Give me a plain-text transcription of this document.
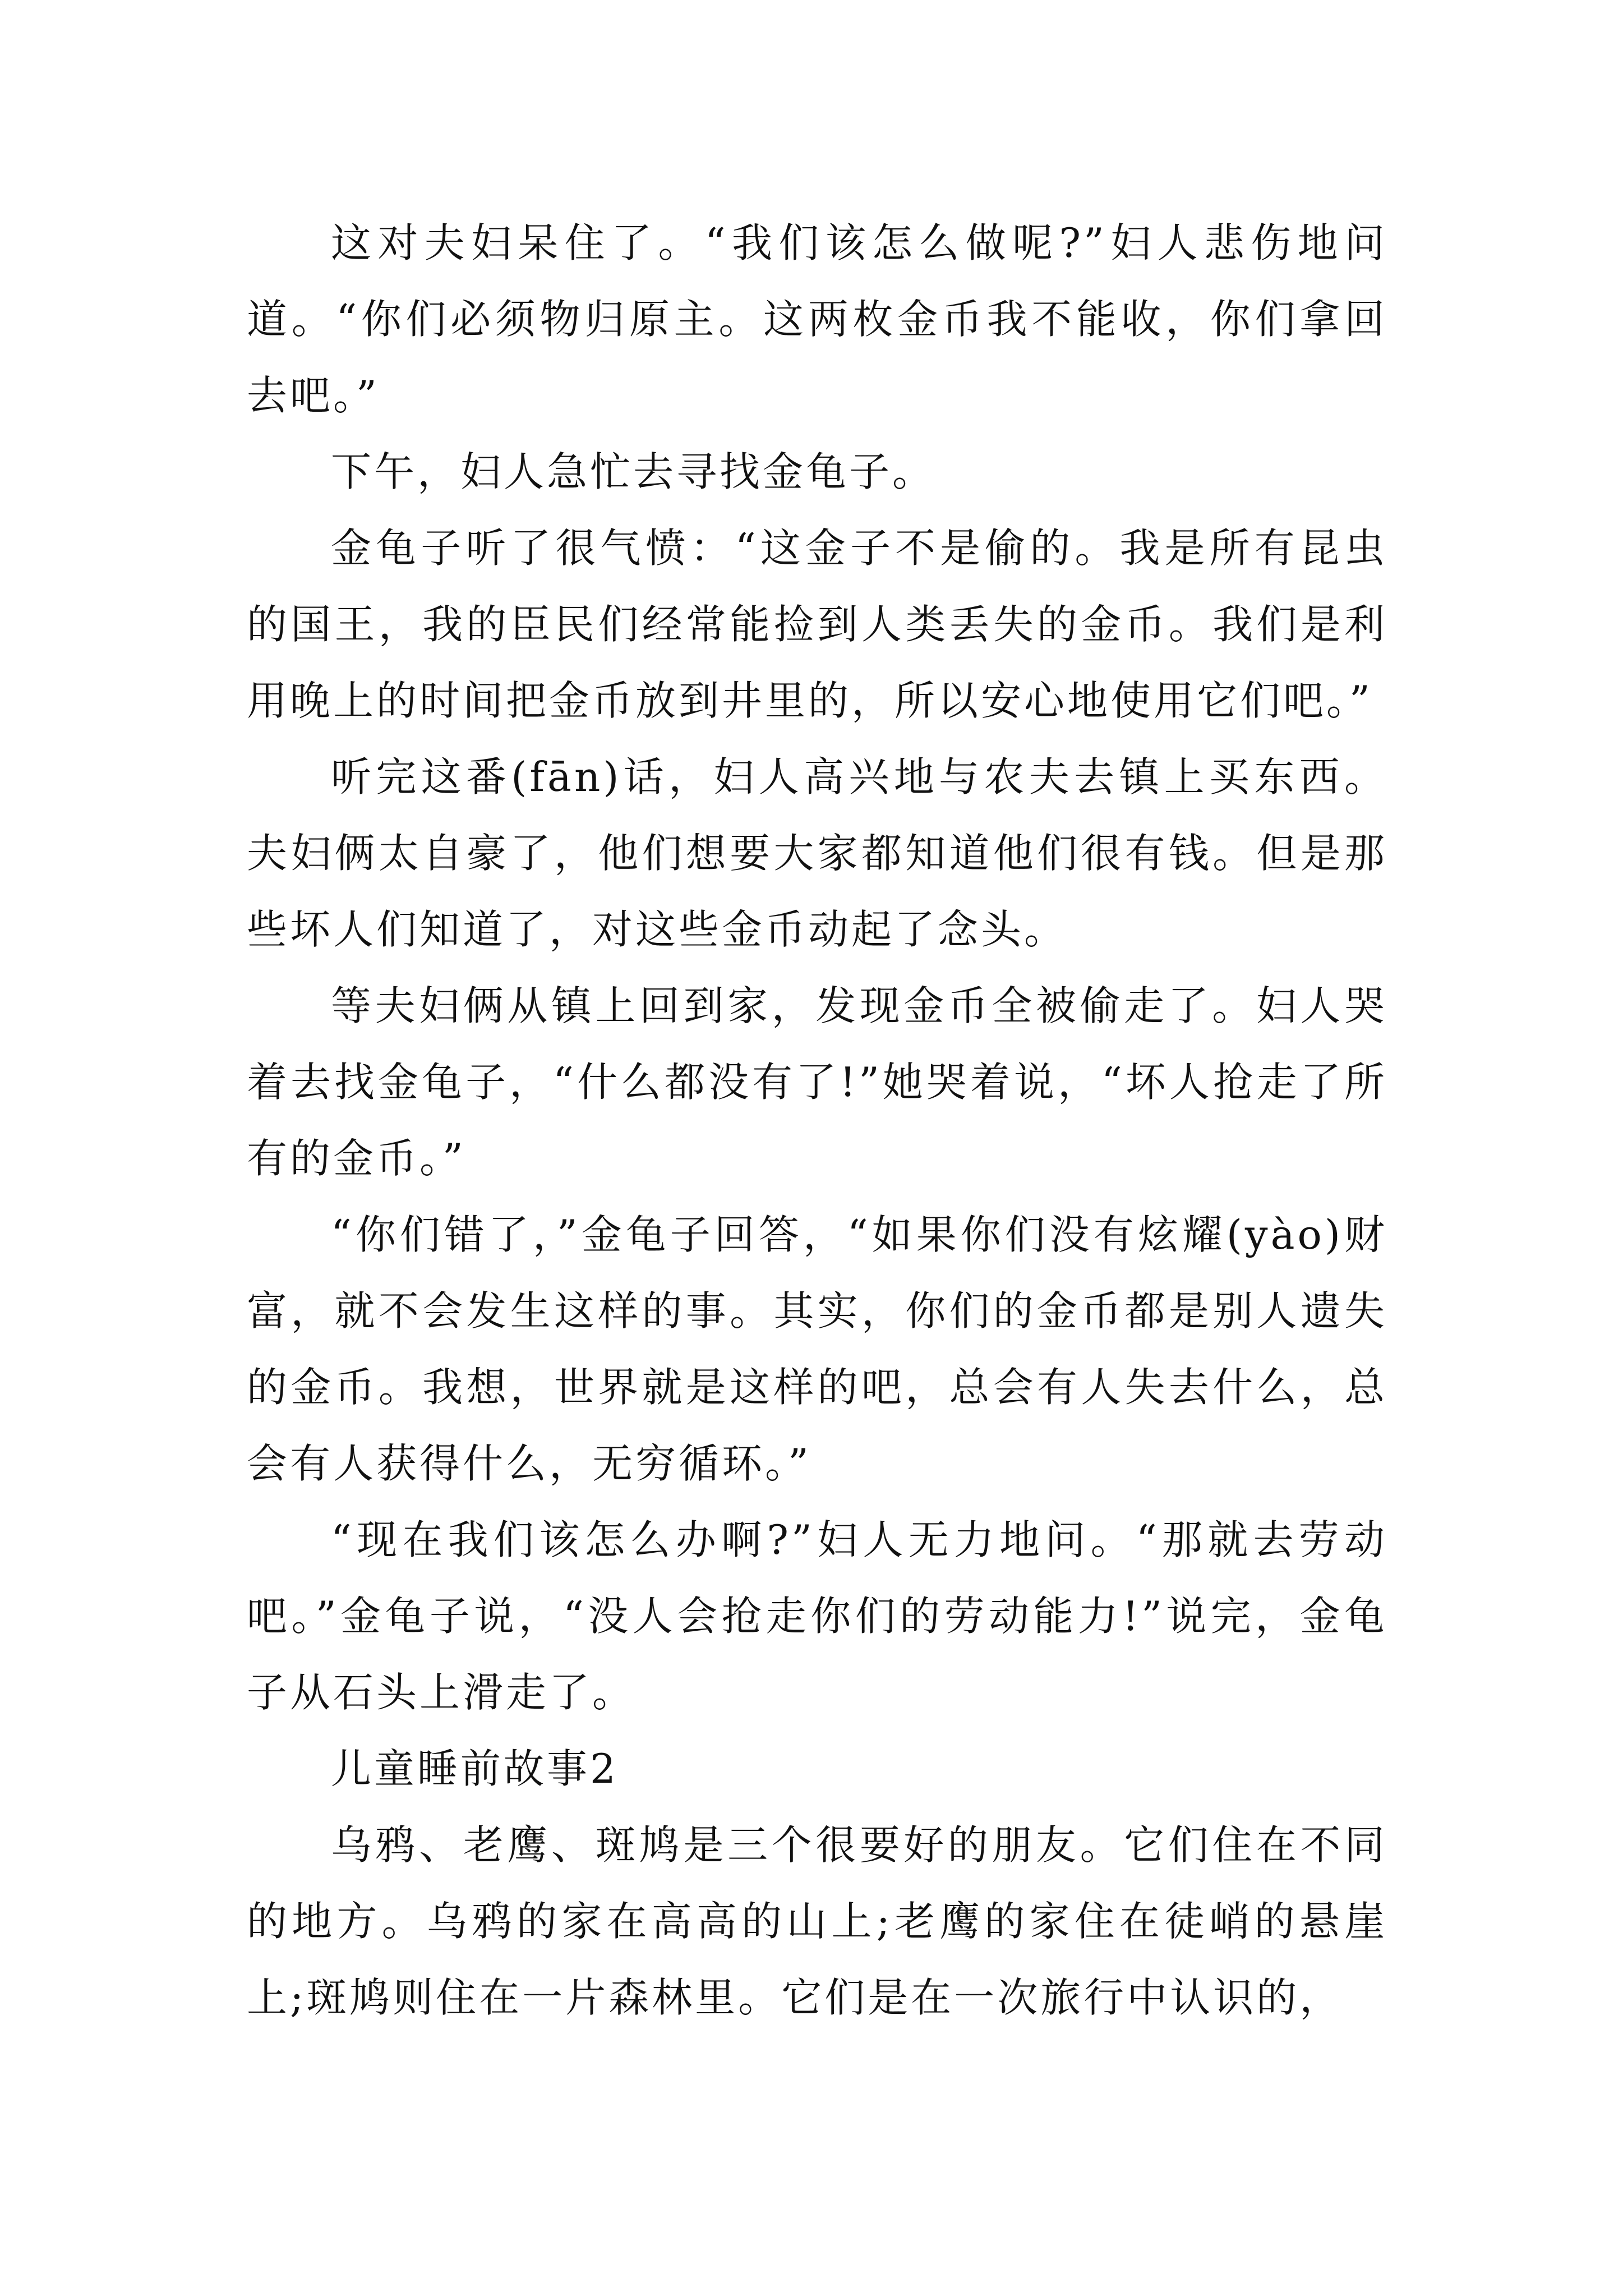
这对夫妇呆住了。“我们该怎么做呢?”妇人悲伤地问道。“你们必须物归原主。这两枚金币我不能收，你们拿回去吧。”

下午，妇人急忙去寻找金龟子。

金龟子听了很气愤：“这金子不是偷的。我是所有昆虫的国王，我的臣民们经常能捡到人类丢失的金币。我们是利用晚上的时间把金币放到井里的，所以安心地使用它们吧。”

听完这番(fān)话，妇人高兴地与农夫去镇上买东西。夫妇俩太自豪了，他们想要大家都知道他们很有钱。但是那些坏人们知道了，对这些金币动起了念头。

等夫妇俩从镇上回到家，发现金币全被偷走了。妇人哭着去找金龟子，“什么都没有了!”她哭着说，“坏人抢走了所有的金币。”

“你们错了，”金龟子回答，“如果你们没有炫耀(yào)财富，就不会发生这样的事。其实，你们的金币都是别人遗失的金币。我想，世界就是这样的吧，总会有人失去什么，总会有人获得什么，无穷循环。”

“现在我们该怎么办啊?”妇人无力地问。“那就去劳动吧。”金龟子说，“没人会抢走你们的劳动能力!”说完，金龟子从石头上滑走了。

儿童睡前故事2

乌鸦、老鹰、斑鸠是三个很要好的朋友。它们住在不同的地方。乌鸦的家在高高的山上;老鹰的家住在徒峭的悬崖上;斑鸠则住在一片森林里。它们是在一次旅行中认识的，
